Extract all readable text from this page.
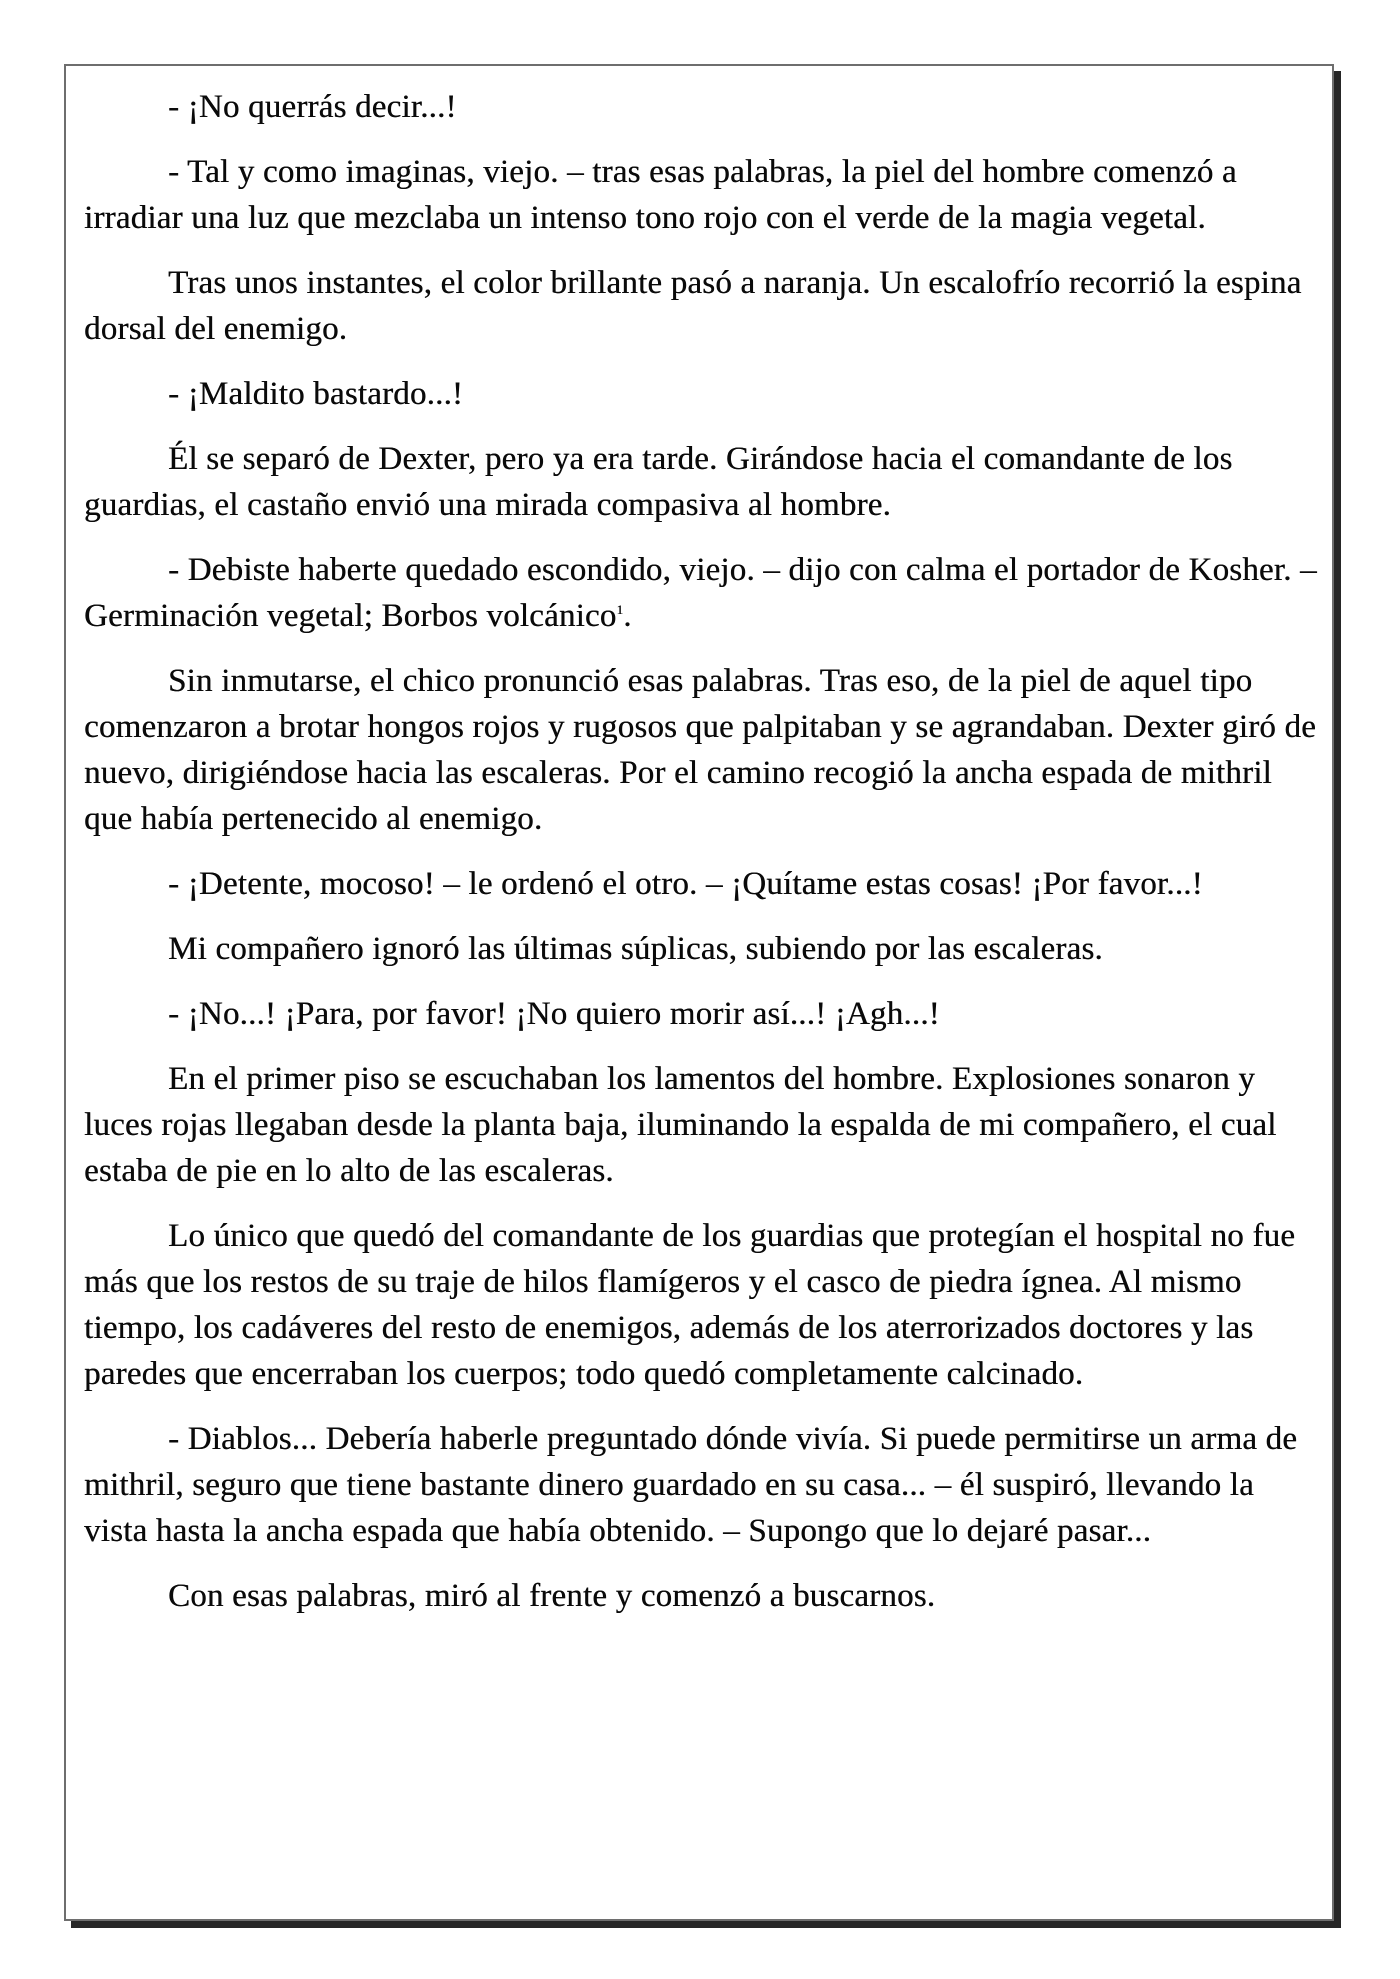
- ¡No querrás decir...!

- Tal y como imaginas, viejo. – tras esas palabras, la piel del hombre comenzó a irradiar una luz que mezclaba un intenso tono rojo con el verde de la magia vegetal.

Tras unos instantes, el color brillante pasó a naranja. Un escalofrío recorrió la espina dorsal del enemigo.

- ¡Maldito bastardo...!

Él se separó de Dexter, pero ya era tarde. Girándose hacia el comandante de los guardias, el castaño envió una mirada compasiva al hombre.

- Debiste haberte quedado escondido, viejo. – dijo con calma el portador de Kosher. – Germinación vegetal; Borbos volcánico$^1$.

Sin inmutarse, el chico pronunció esas palabras. Tras eso, de la piel de aquel tipo comenzaron a brotar hongos rojos y rugosos que palpitaban y se agrandaban. Dexter giró de nuevo, dirigiéndose hacia las escaleras. Por el camino recogió la ancha espada de mithril que había pertenecido al enemigo.

- ¡Detente, mocoso! – le ordenó el otro. – ¡Quítame estas cosas! ¡Por favor...!

Mi compañero ignoró las últimas súplicas, subiendo por las escaleras.

- ¡No...! ¡Para, por favor! ¡No quiero morir así...! ¡Agh...!

En el primer piso se escuchaban los lamentos del hombre. Explosiones sonaron y luces rojas llegaban desde la planta baja, iluminando la espalda de mi compañero, el cual estaba de pie en lo alto de las escaleras.

Lo único que quedó del comandante de los guardias que protegían el hospital no fue más que los restos de su traje de hilos flamígeros y el casco de piedra ígnea. Al mismo tiempo, los cadáveres del resto de enemigos, además de los aterrorizados doctores y las paredes que encerraban los cuerpos; todo quedó completamente calcinado.

- Diablos... Debería haberle preguntado dónde vivía. Si puede permitirse un arma de mithril, seguro que tiene bastante dinero guardado en su casa... – él suspiró, llevando la vista hasta la ancha espada que había obtenido. – Supongo que lo dejaré pasar...

Con esas palabras, miró al frente y comenzó a buscarnos.
